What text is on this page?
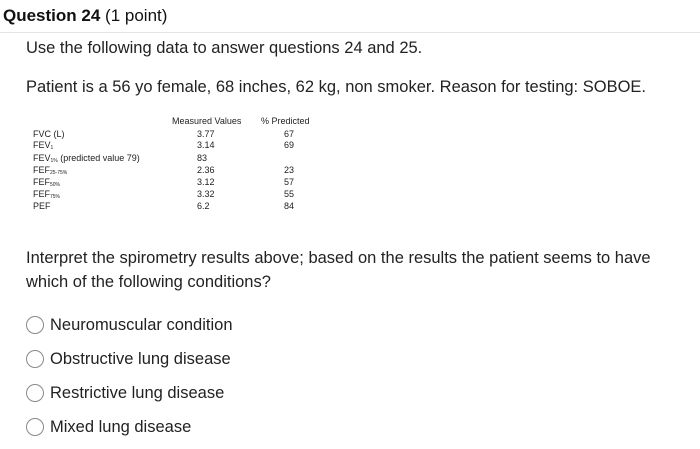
Question 24 (1 point)
Use the following data to answer questions 24 and 25.
Patient is a 56 yo female, 68 inches, 62 kg, non smoker. Reason for testing: SOBOE.
Measured Values % Predicted
FVC (L)	3.77	67
$FEV_1$	3.14	69
$FEV_{1\%}$ (predicted value 79)	83
$FEF_{25-75\%}$	2.36	23
$FEF_{50\%}$	3.12	57
$FEF_{75\%}$	3.32	55
PEF	6.2	84
Interpret the spirometry results above; based on the results the patient seems to have which of the following conditions?
Neuromuscular condition
Obstructive lung disease
Restrictive lung disease
Mixed lung disease
